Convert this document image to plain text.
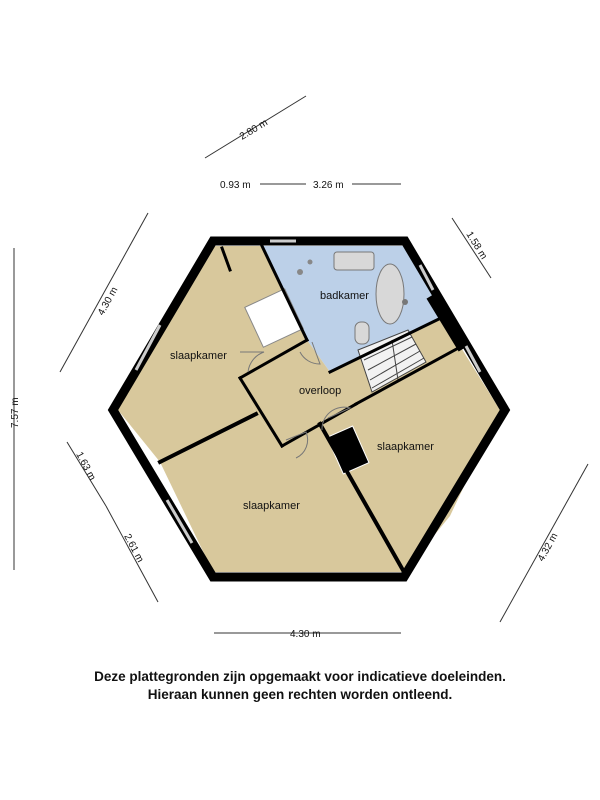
badkamer
slaapkamer
overloop
slaapkamer
slaapkamer
2.80 m
0.93 m	3.26 m
4.30 m
1.58 m
7.57 m
1.63 m
2.61 m	4.32 m
4.30 m
Deze plattegronden zijn opgemaakt voor indicatieve doeleinden.
Hieraan kunnen geen rechten worden ontleend.
